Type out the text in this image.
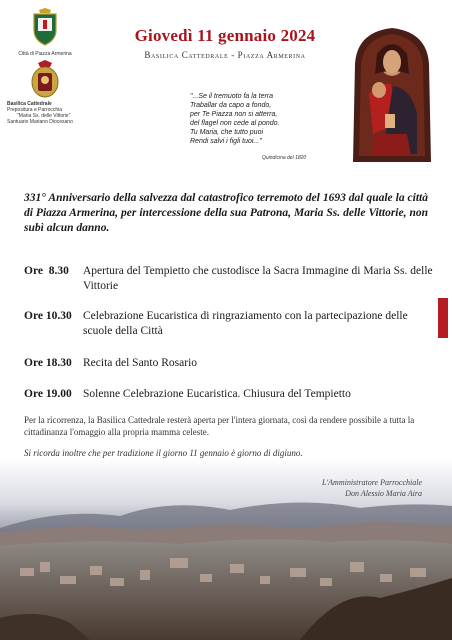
Città di Piazza Armerina
Basilica Cattedrale
Prepositura e Parrocchia
"Maria Ss. delle Vittorie"
Santuario Mariano Diocesano
Giovedì 11 gennaio 2024
Basilica Cattedrale - Piazza Armerina
"...Se il tremuoto fa la terra
Traballar da capo a fondo,
per Te Piazza non si atterra,
del flagel non cede al pondo.
Tu Maria, che tutto puoi
Rendi salvi i figli tuoi..."
Quindicina del 1820
331° Anniversario della salvezza dal catastrofico terremoto del 1693 dal quale la città di Piazza Armerina, per intercessione della sua Patrona, Maria Ss. delle Vittorie, non subì alcun danno.
Ore  8.30	Apertura del Tempietto che custodisce la Sacra Immagine di Maria Ss. delle Vittorie
Ore 10.30 Celebrazione Eucaristica di ringraziamento con la partecipazione delle scuole della Città
Ore 18.30 Recita del Santo Rosario
Ore 19.00 Solenne Celebrazione Eucaristica. Chiusura del Tempietto
Per la ricorrenza, la Basilica Cattedrale resterà aperta per l'intera giornata, così da rendere possibile a tutta la cittadinanza l'omaggio alla propria mamma celeste.
Si ricorda inoltre che per tradizione il giorno 11 gennaio è giorno di digiuno.
L'Amministratore Parrocchiale
Don Alessio Maria Aira
